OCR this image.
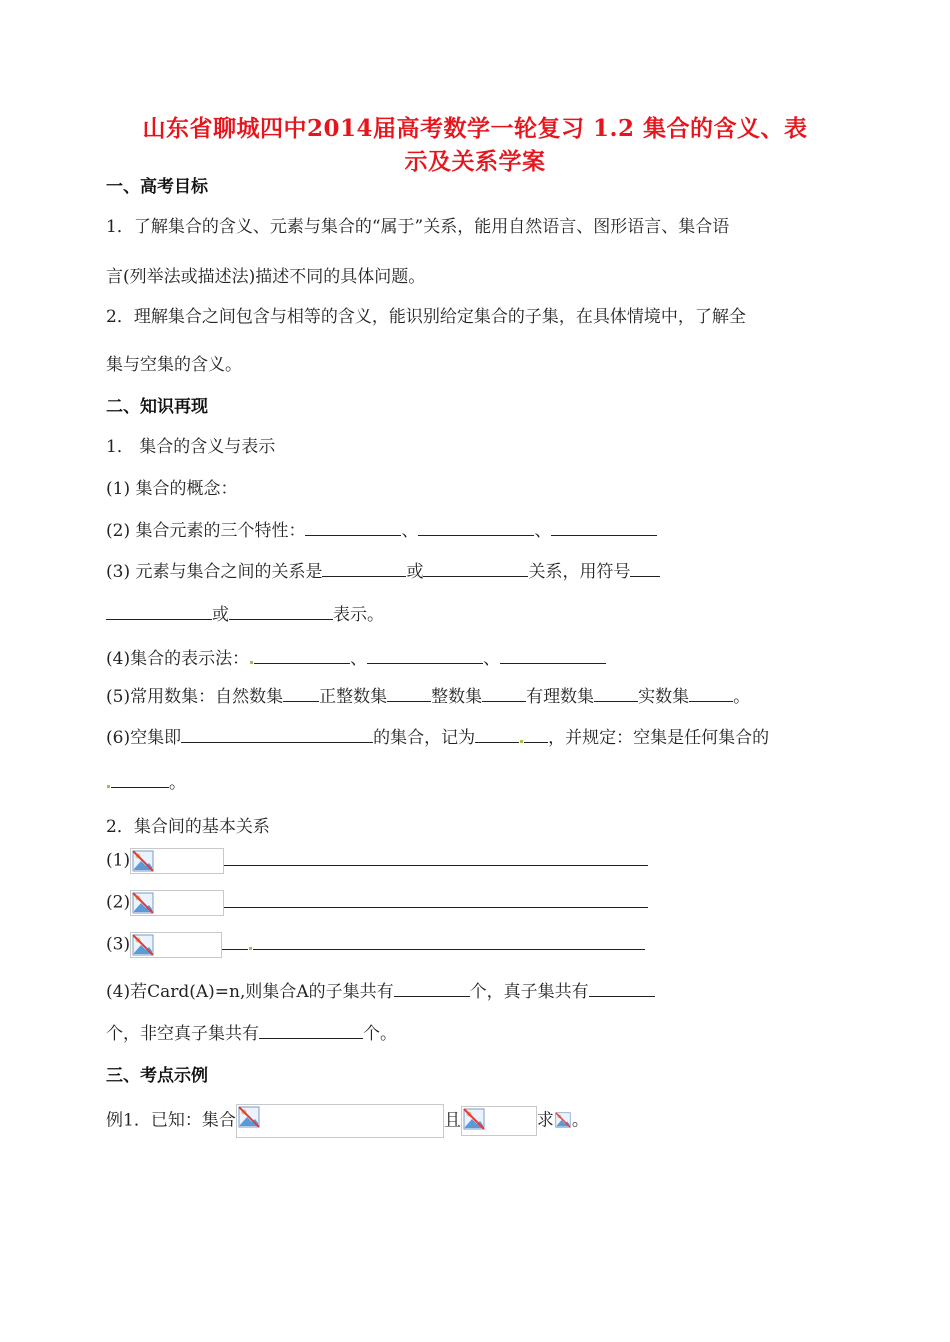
山东省聊城四中2014届高考数学一轮复习 1.2 集合的含义、表
示及关系学案
一、高考目标
1．了解集合的含义、元素与集合的“属于”关系，能用自然语言、图形语言、集合语
言(列举法或描述法)描述不同的具体问题。
2．理解集合之间包含与相等的含义，能识别给定集合的子集，在具体情境中，了解全
集与空集的含义。
二、知识再现
1． 集合的含义与表示
(1) 集合的概念：
(2) 集合元素的三个特性：	、	、
(3) 元素与集合之间的关系是	或	关系，用符号
或	表示。
(4)集合的表示法：	、	、
(5)常用数集：自然数集 正整数集	整数集	有理数集	实数集	。
(6)空集即	的集合，记为	，并规定：空集是任何集合的
。
2．集合间的基本关系
(1)
(2)
(3)
(4)若Card(A)=n,则集合A的子集共有	个，真子集共有
个，非空真子集共有	个。
三、考点示例
例1．已知：集合	且	求 。
